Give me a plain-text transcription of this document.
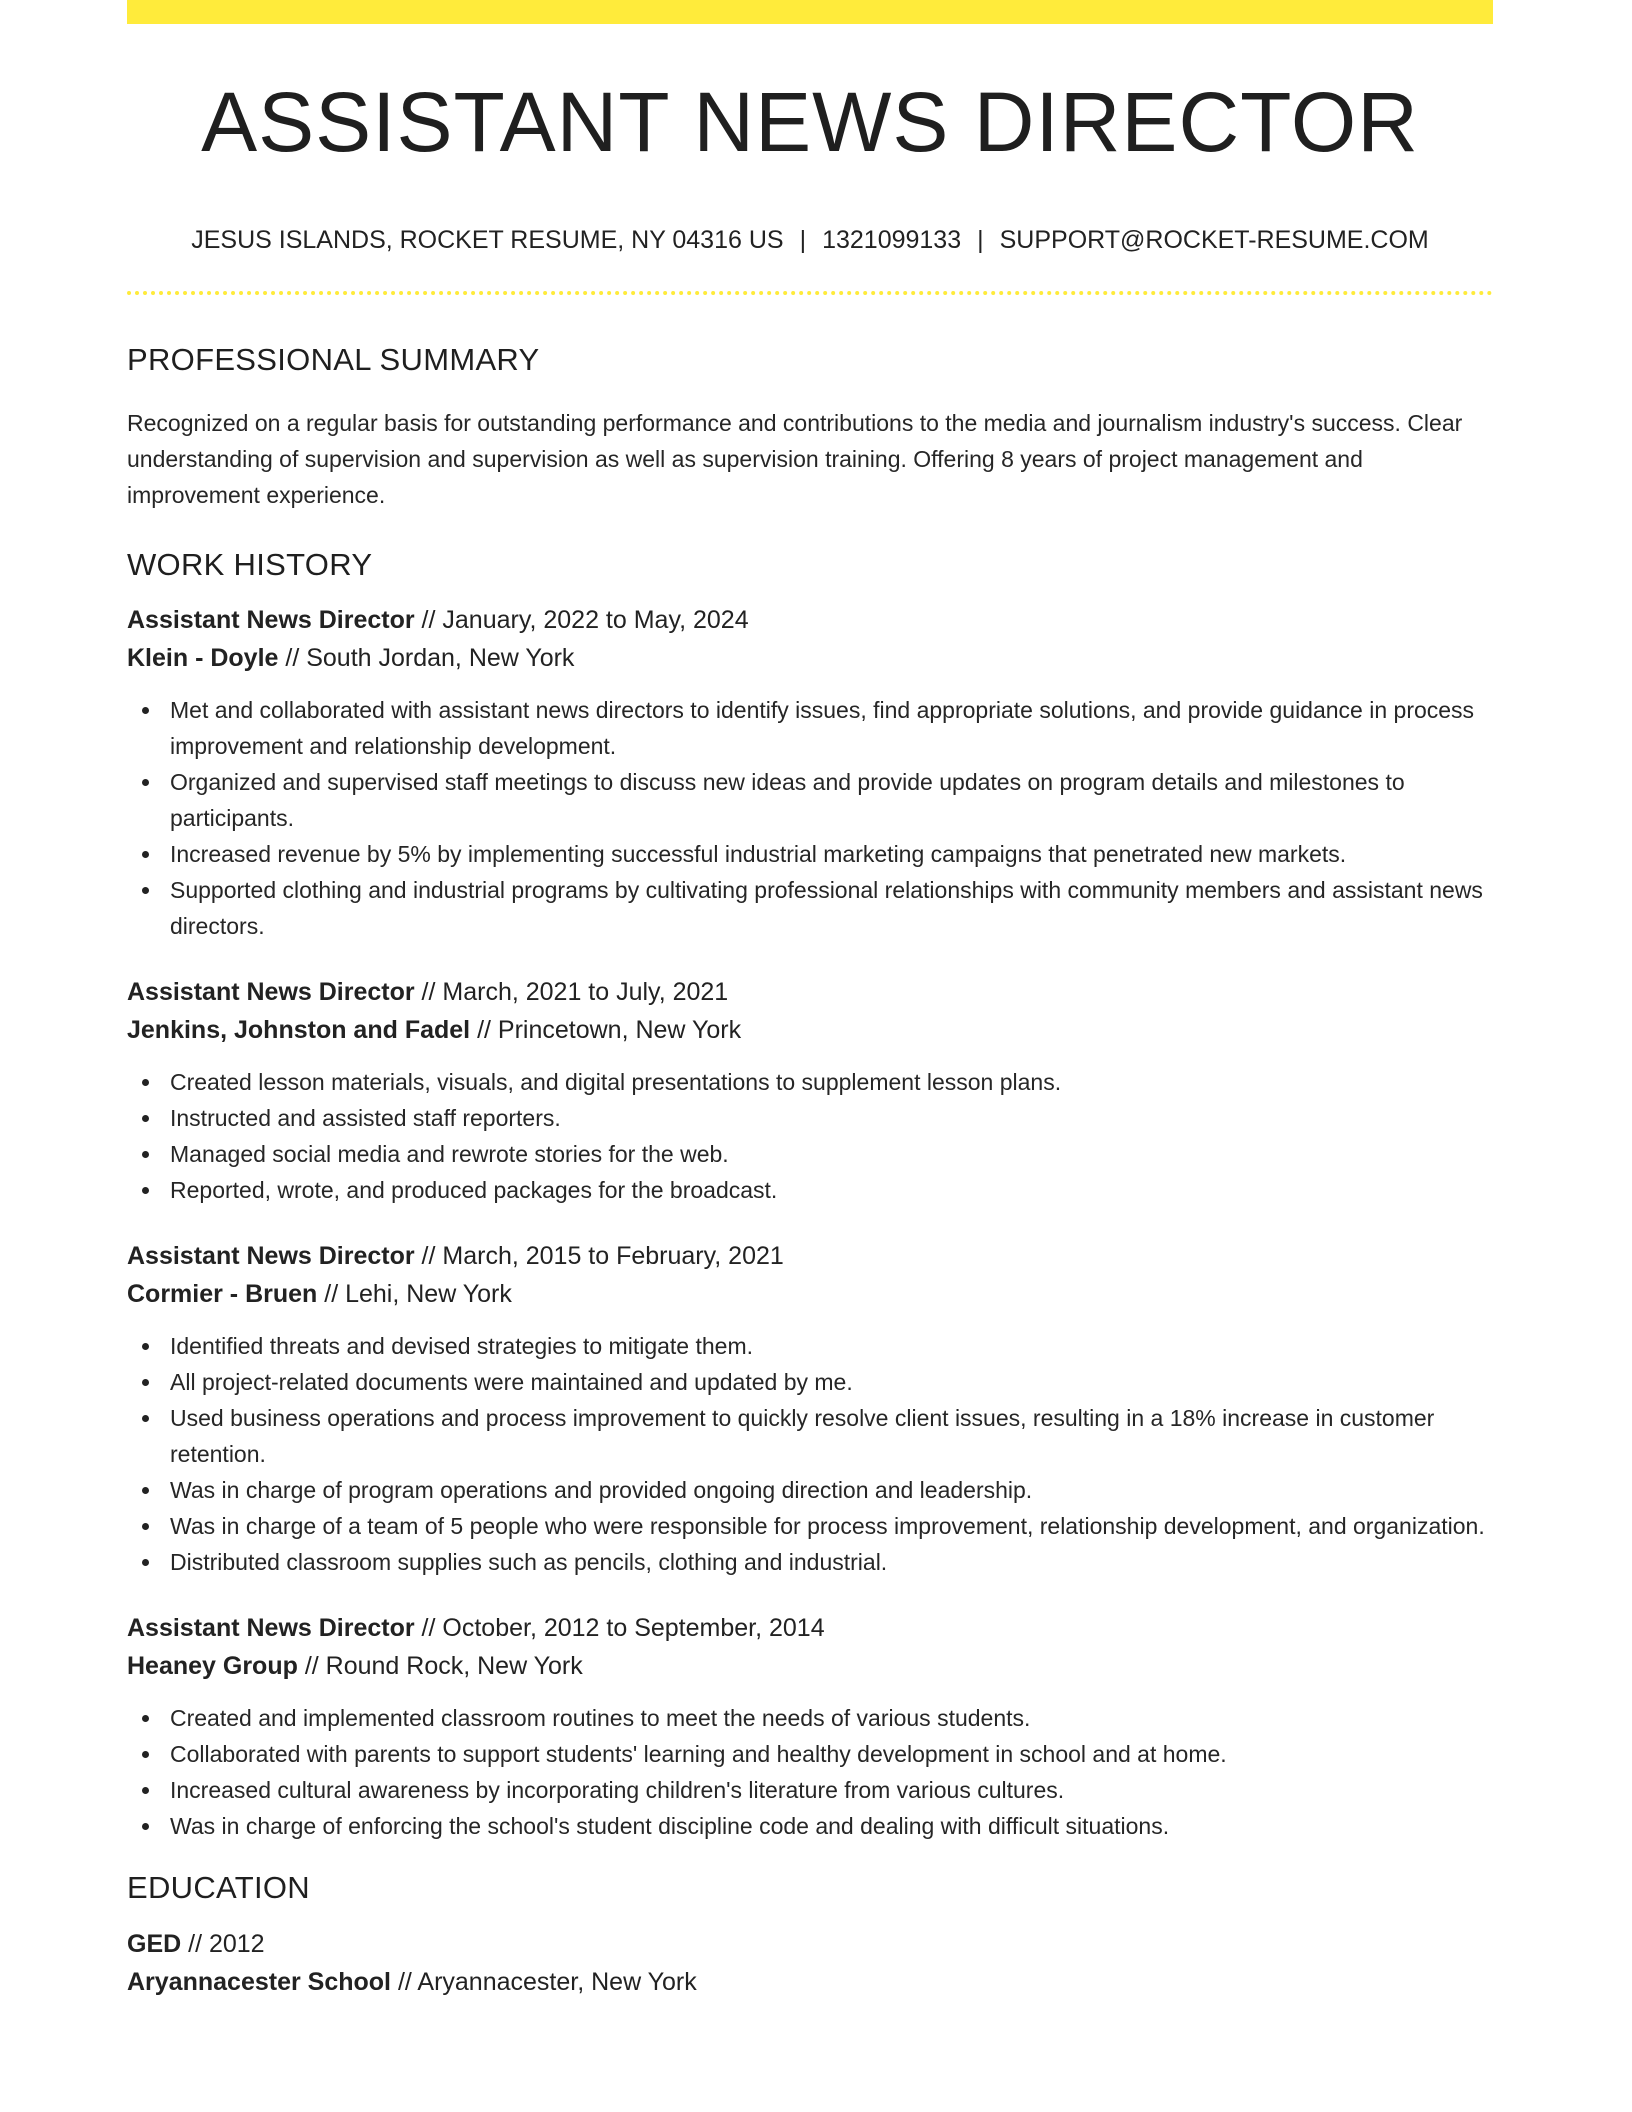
ASSISTANT NEWS DIRECTOR
JESUS ISLANDS, ROCKET RESUME, NY 04316 US | 1321099133 | SUPPORT@ROCKET-RESUME.COM
PROFESSIONAL SUMMARY
Recognized on a regular basis for outstanding performance and contributions to the media and journalism industry's success. Clear understanding of supervision and supervision as well as supervision training. Offering 8 years of project management and improvement experience.
WORK HISTORY
Assistant News Director // January, 2022 to May, 2024
Klein - Doyle // South Jordan, New York
Met and collaborated with assistant news directors to identify issues, find appropriate solutions, and provide guidance in process improvement and relationship development.
Organized and supervised staff meetings to discuss new ideas and provide updates on program details and milestones to participants.
Increased revenue by 5% by implementing successful industrial marketing campaigns that penetrated new markets.
Supported clothing and industrial programs by cultivating professional relationships with community members and assistant news directors.
Assistant News Director // March, 2021 to July, 2021
Jenkins, Johnston and Fadel // Princetown, New York
Created lesson materials, visuals, and digital presentations to supplement lesson plans.
Instructed and assisted staff reporters.
Managed social media and rewrote stories for the web.
Reported, wrote, and produced packages for the broadcast.
Assistant News Director // March, 2015 to February, 2021
Cormier - Bruen // Lehi, New York
Identified threats and devised strategies to mitigate them.
All project-related documents were maintained and updated by me.
Used business operations and process improvement to quickly resolve client issues, resulting in a 18% increase in customer retention.
Was in charge of program operations and provided ongoing direction and leadership.
Was in charge of a team of 5 people who were responsible for process improvement, relationship development, and organization.
Distributed classroom supplies such as pencils, clothing and industrial.
Assistant News Director // October, 2012 to September, 2014
Heaney Group // Round Rock, New York
Created and implemented classroom routines to meet the needs of various students.
Collaborated with parents to support students' learning and healthy development in school and at home.
Increased cultural awareness by incorporating children's literature from various cultures.
Was in charge of enforcing the school's student discipline code and dealing with difficult situations.
EDUCATION
GED // 2012
Aryannacester School // Aryannacester, New York
